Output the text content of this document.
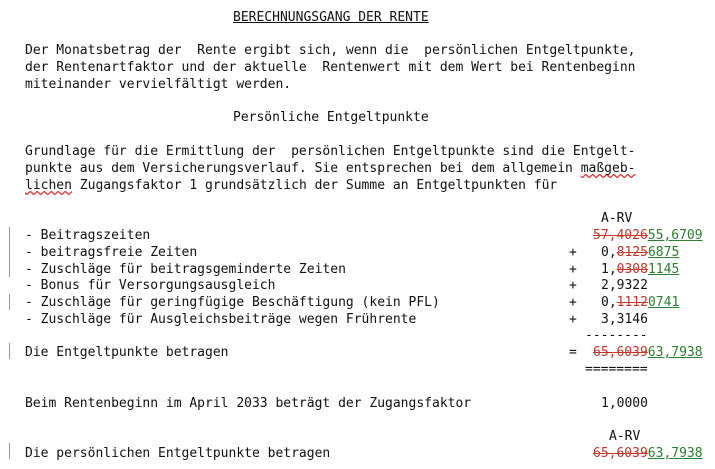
BERECHNUNGSGANG DER RENTE
Der Monatsbetrag der  Rente ergibt sich, wenn die  persönlichen Entgeltpunkte,
der Rentenartfaktor und der aktuelle  Rentenwert mit dem Wert bei Rentenbeginn
miteinander vervielfältigt werden.
Persönliche Entgeltpunkte
Grundlage für die Ermittlung der  persönlichen Entgeltpunkte sind die Entgelt-
punkte aus dem Versicherungsverlauf. Sie entsprechen bei dem allgemein maßgeb-
lichen Zugangsfaktor 1 grundsätzlich der Summe an Entgeltpunkten für
A-RV
- Beitragszeiten	57,402655,6709
- beitragsfreie Zeiten	+ 0,81256875
- Zuschläge für beitragsgeminderte Zeiten	+ 1,03081145
- Bonus für Versorgungsausgleich	+ 2,9322
- Zuschläge für geringfügige Beschäftigung (kein PFL)	+ 0,11120741
- Zuschläge für Ausgleichsbeiträge wegen Frührente	+ 3,3146
--------
Die Entgeltpunkte betragen	= 65,603963,7938
========
Beim Rentenbeginn im April 2033 beträgt der Zugangsfaktor	1,0000
A-RV
Die persönlichen Entgeltpunkte betragen	65,603963,7938
